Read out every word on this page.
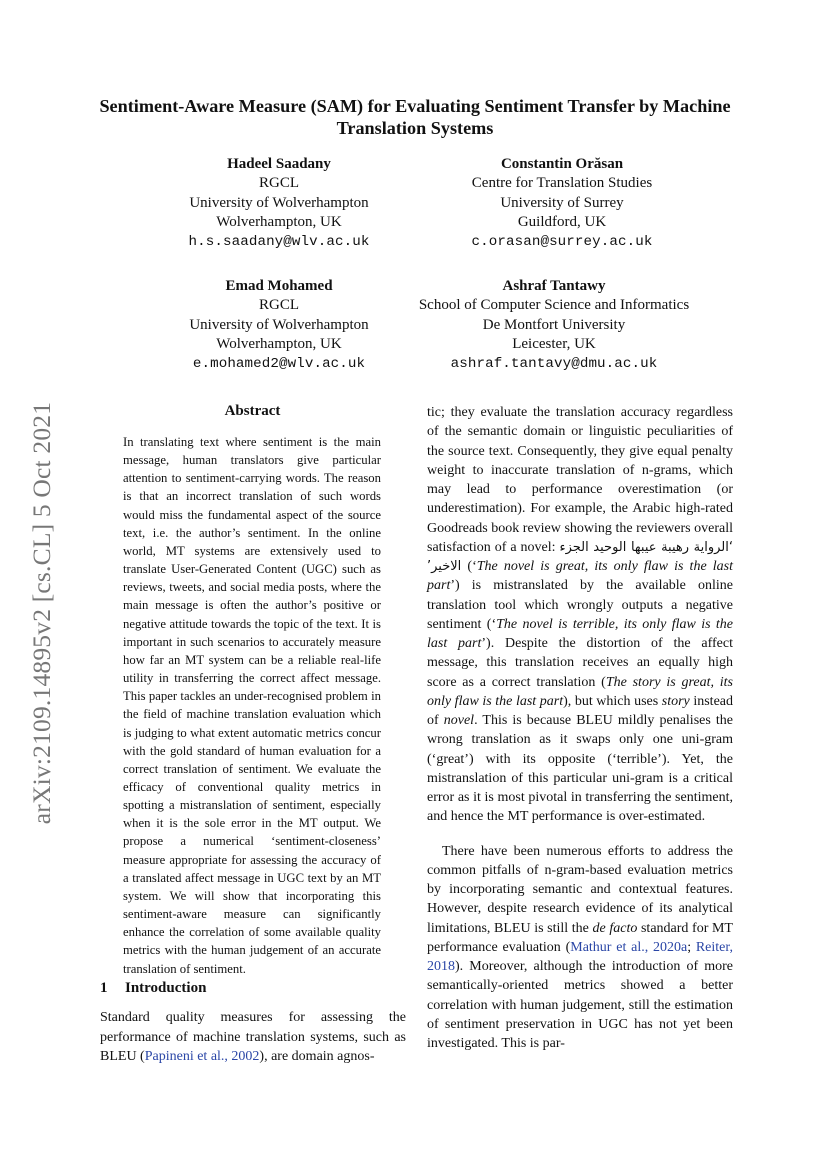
arXiv:2109.14895v2 [cs.CL] 5 Oct 2021
Sentiment-Aware Measure (SAM) for Evaluating Sentiment Transfer by Machine Translation Systems
Hadeel Saadany
RGCL
University of Wolverhampton
Wolverhampton, UK
h.s.saadany@wlv.ac.uk
Constantin Orăsan
Centre for Translation Studies
University of Surrey
Guildford, UK
c.orasan@surrey.ac.uk
Emad Mohamed
RGCL
University of Wolverhampton
Wolverhampton, UK
e.mohamed2@wlv.ac.uk
Ashraf Tantawy
School of Computer Science and Informatics
De Montfort University
Leicester, UK
ashraf.tantavy@dmu.ac.uk
Abstract
In translating text where sentiment is the main message, human translators give particular attention to sentiment-carrying words. The reason is that an incorrect translation of such words would miss the fundamental aspect of the source text, i.e. the author’s sentiment. In the online world, MT systems are extensively used to translate User-Generated Content (UGC) such as reviews, tweets, and social media posts, where the main message is often the author’s positive or negative attitude towards the topic of the text. It is important in such scenarios to accurately measure how far an MT system can be a reliable real-life utility in transferring the correct affect message. This paper tackles an under-recognised problem in the field of machine translation evaluation which is judging to what extent automatic metrics concur with the gold standard of human evaluation for a correct translation of sentiment. We evaluate the efficacy of conventional quality metrics in spotting a mistranslation of sentiment, especially when it is the sole error in the MT output. We propose a numerical ‘sentiment-closeness’ measure appropriate for assessing the accuracy of a translated affect message in UGC text by an MT system. We will show that incorporating this sentiment-aware measure can significantly enhance the correlation of some available quality metrics with the human judgement of an accurate translation of sentiment.
1 Introduction
Standard quality measures for assessing the performance of machine translation systems, such as BLEU (Papineni et al., 2002), are domain agnos-

tic; they evaluate the translation accuracy regardless of the semantic domain or linguistic peculiarities of the source text. Consequently, they give equal penalty weight to inaccurate translation of n-grams, which may lead to performance overestimation (or underestimation). For example, the Arabic high-rated Goodreads book review showing the reviewers overall satisfaction of a novel: ‘الرواية رهيبة عيبها الوحيد الجزء الاخير’ (‘The novel is great, its only flaw is the last part’) is mistranslated by the available online translation tool which wrongly outputs a negative sentiment (‘The novel is terrible, its only flaw is the last part’). Despite the distortion of the affect message, this translation receives an equally high score as a correct translation (The story is great, its only flaw is the last part), but which uses story instead of novel. This is because BLEU mildly penalises the wrong translation as it swaps only one uni-gram (‘great’) with its opposite (‘terrible’). Yet, the mistranslation of this particular uni-gram is a critical error as it is most pivotal in transferring the sentiment, and hence the MT performance is over-estimated.

There have been numerous efforts to address the common pitfalls of n-gram-based evaluation metrics by incorporating semantic and contextual features. However, despite research evidence of its analytical limitations, BLEU is still the de facto standard for MT performance evaluation (Mathur et al., 2020a; Reiter, 2018). Moreover, although the introduction of more semantically-oriented metrics showed a better correlation with human judgement, still the estimation of sentiment preservation in UGC has not yet been investigated. This is par-
